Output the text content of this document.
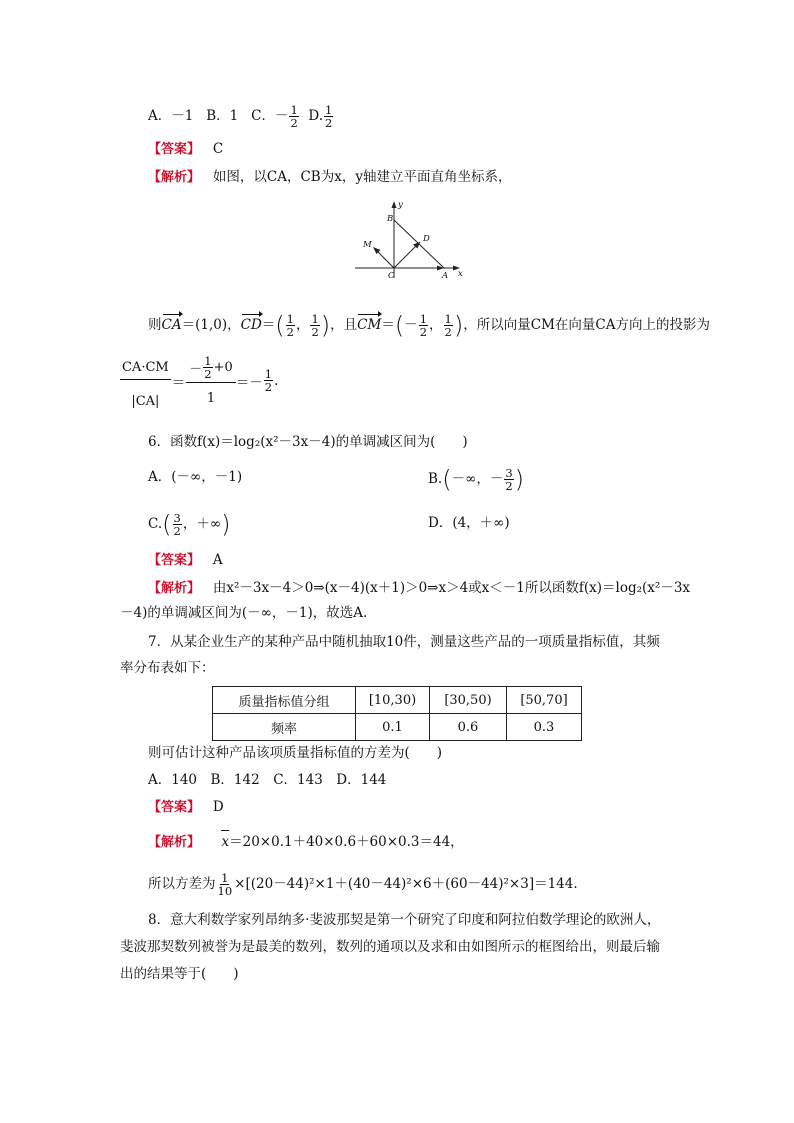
A．－1 B．1 C．－ $\frac{1}{2} D$. $\frac{1}{2}$
【答案】 C
【解析】 如图，以CA，CB为x，y轴建立平面直角坐标系，
B
y
D
M
C	A x
则CA＝(1,0)，$CD=( \frac{1}{2}$ ， $\frac{1}{2}$ )，且$CM=(- \frac{1}{2}$ ， $\frac{1}{2}$ )，所以向量CM在向量CA方向上的投影为
$\frac{CA\cdot CM}{|CA|}$ ＝ －
1
2 +0
1 ＝－
1
2 .
6．函数f(x)＝log₂(x²－3x－4)的单调减区间为(　　)
A．(－∞，－1)	B.(－∞，－ $\frac{3}{2}$ )
$C.( \frac{3}{2}$ ，＋∞)	D．(4，＋∞)
【答案】 A
【解析】 由x²－3x－4＞0⇒(x－4)(x＋1)＞0⇒x＞4或x＜－1所以函数f(x)＝log₂(x²－3x
－4)的单调减区间为(－∞，－1)，故选A.
7．从某企业生产的某种产品中随机抽取10件，测量这些产品的一项质量指标值，其频
率分布表如下：
质量指标值分组	[10,30)	[30,50)	[50,70]
频率	0.1	0.6	0.3
则可估计这种产品该项质量指标值的方差为(　　)
A．140　B．142　C．143　D．144
【答案】 D
【解析】 x＝20×0.1＋40×0.6＋60×0.3＝44，
所以方差为 $\frac{1}{10} \times[(20-44)^2\times 1+(40-44)^2\times 6+(60-44)^2\times 3]=144$.
8．意大利数学家列昂纳多·斐波那契是第一个研究了印度和阿拉伯数学理论的欧洲人，
斐波那契数列被誉为是最美的数列，数列的通项以及求和由如图所示的框图给出，则最后输
出的结果等于(　　)
